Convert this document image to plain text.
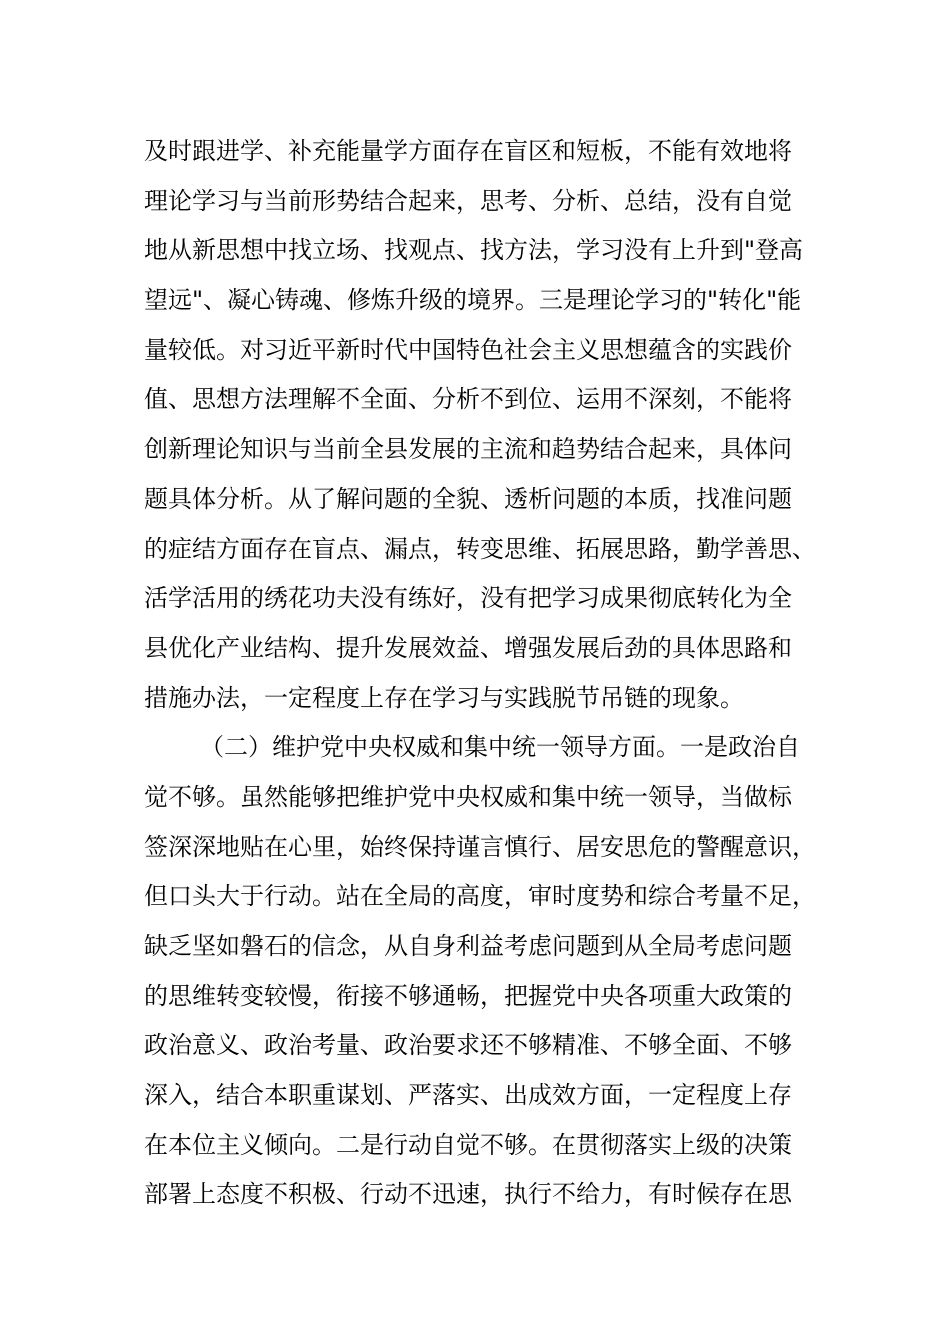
及时跟进学、补充能量学方面存在盲区和短板，不能有效地将
理论学习与当前形势结合起来，思考、分析、总结，没有自觉
地从新思想中找立场、找观点、找方法，学习没有上升到"登高
望远"、凝心铸魂、修炼升级的境界。三是理论学习的"转化"能
量较低。对习近平新时代中国特色社会主义思想蕴含的实践价
值、思想方法理解不全面、分析不到位、运用不深刻，不能将
创新理论知识与当前全县发展的主流和趋势结合起来，具体问
题具体分析。从了解问题的全貌、透析问题的本质，找准问题
的症结方面存在盲点、漏点，转变思维、拓展思路，勤学善思、
活学活用的绣花功夫没有练好，没有把学习成果彻底转化为全
县优化产业结构、提升发展效益、增强发展后劲的具体思路和
措施办法，一定程度上存在学习与实践脱节吊链的现象。
（二）维护党中央权威和集中统一领导方面。一是政治自
觉不够。虽然能够把维护党中央权威和集中统一领导，当做标
签深深地贴在心里，始终保持谨言慎行、居安思危的警醒意识，
但口头大于行动。站在全局的高度，审时度势和综合考量不足，
缺乏坚如磐石的信念，从自身利益考虑问题到从全局考虑问题
的思维转变较慢，衔接不够通畅，把握党中央各项重大政策的
政治意义、政治考量、政治要求还不够精准、不够全面、不够
深入，结合本职重谋划、严落实、出成效方面，一定程度上存
在本位主义倾向。二是行动自觉不够。在贯彻落实上级的决策
部署上态度不积极、行动不迅速，执行不给力，有时候存在思
